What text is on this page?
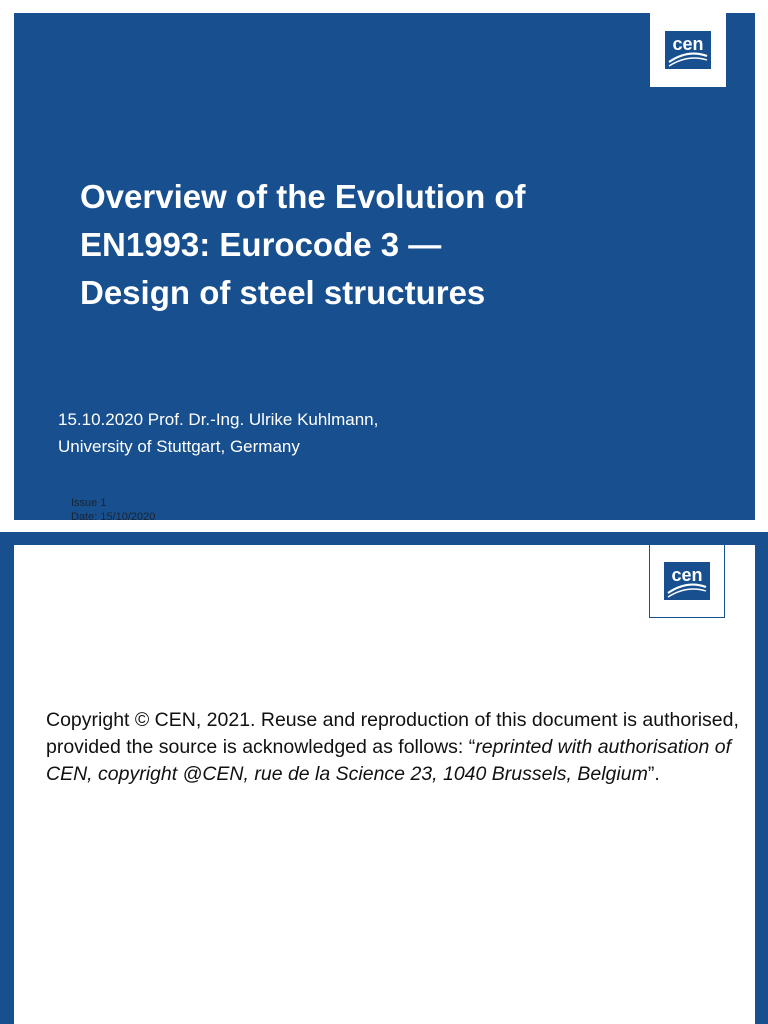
cen
Overview of the Evolution of
EN1993: Eurocode 3 —
Design of steel structures
15.10.2020 Prof. Dr.-Ing. Ulrike Kuhlmann,
University of Stuttgart, Germany
Issue 1
Date: 15/10/2020
cen

Copyright © CEN, 2021. Reuse and reproduction of this document is authorised, provided the source is acknowledged as follows: “reprinted with authorisation of CEN, copyright @CEN, rue de la Science 23, 1040 Brussels, Belgium”.
